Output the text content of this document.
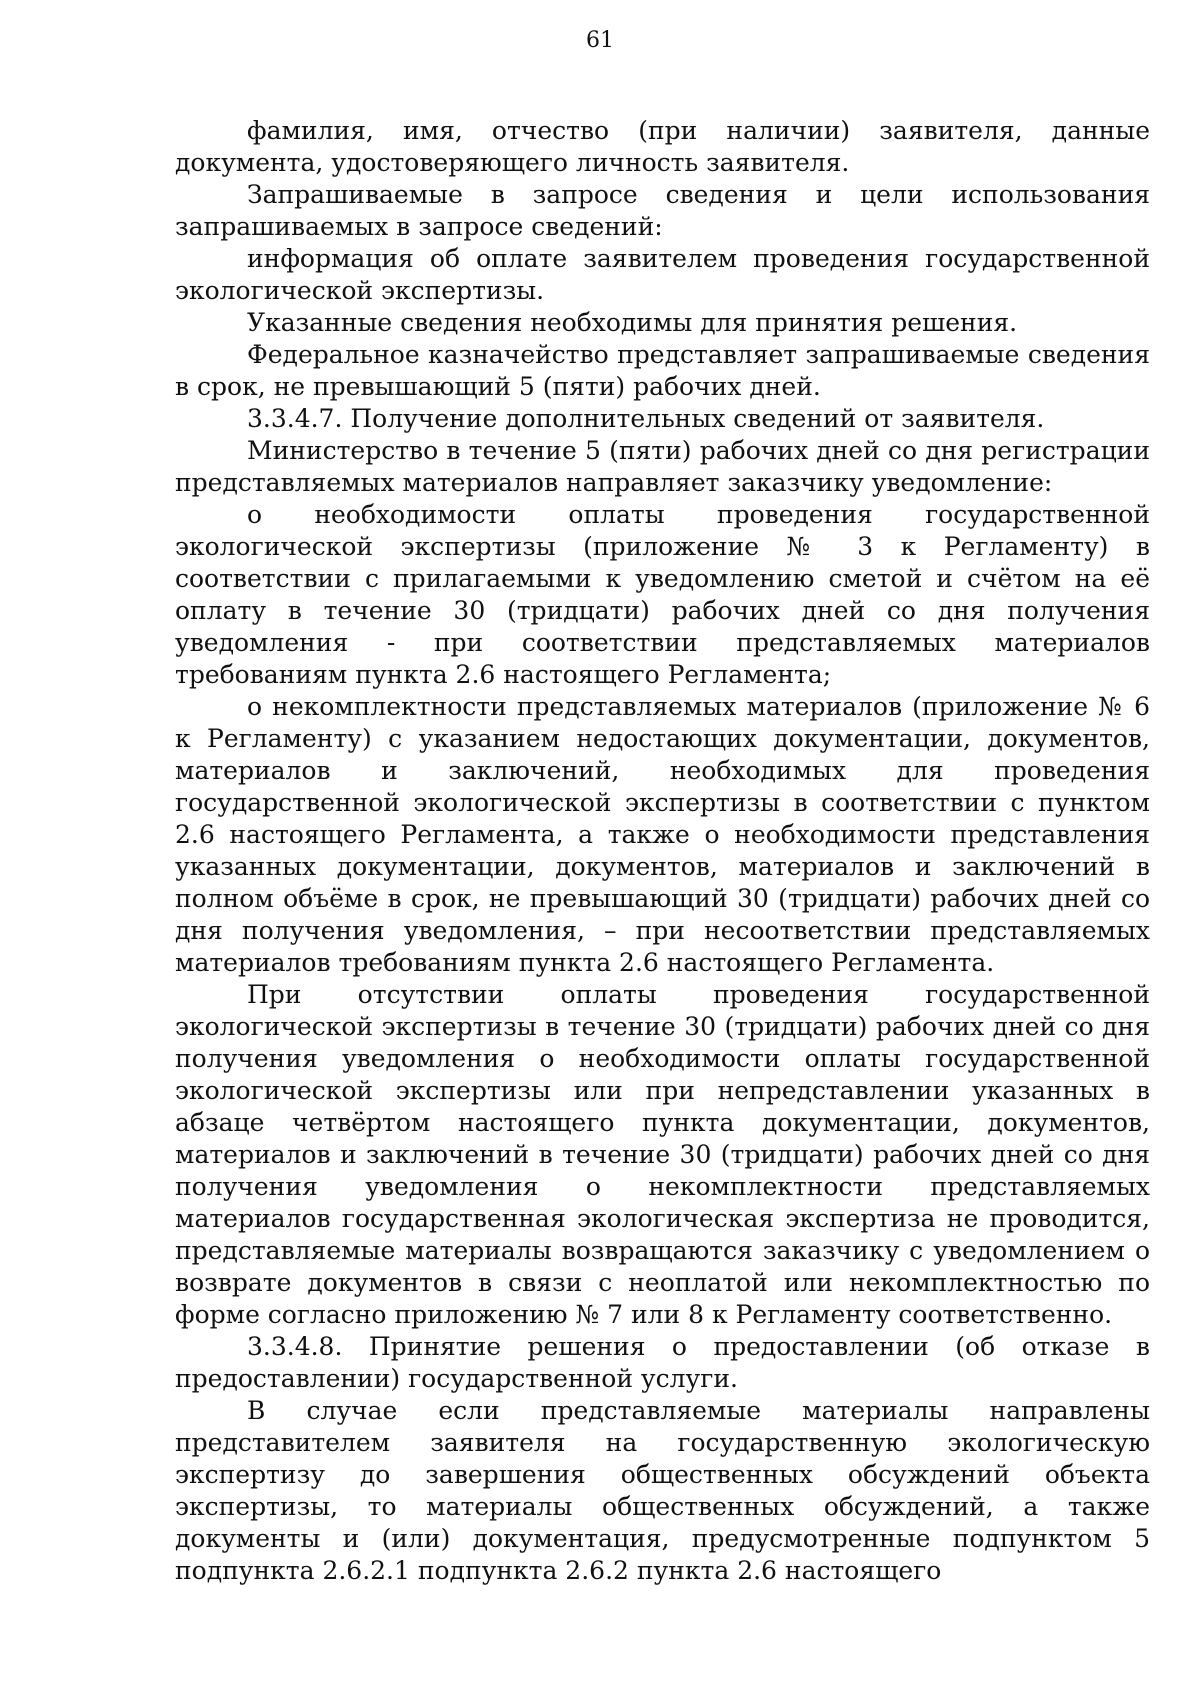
61

фамилия, имя, отчество (при наличии) заявителя, данные документа, удостоверяющего личность заявителя.

Запрашиваемые в запросе сведения и цели использования запрашиваемых в запросе сведений:

информация об оплате заявителем проведения государственной экологической экспертизы.

Указанные сведения необходимы для принятия решения.

Федеральное казначейство представляет запрашиваемые сведения в срок, не превышающий 5 (пяти) рабочих дней.

3.3.4.7. Получение дополнительных сведений от заявителя.

Министерство в течение 5 (пяти) рабочих дней со дня регистрации представляемых материалов направляет заказчику уведомление:

о необходимости оплаты проведения государственной экологической экспертизы (приложение № 3 к Регламенту) в соответствии с прилагаемыми к уведомлению сметой и счётом на её оплату в течение 30 (тридцати) рабочих дней со дня получения уведомления - при соответствии представляемых материалов требованиям пункта 2.6 настоящего Регламента;

о некомплектности представляемых материалов (приложение № 6 к Регламенту) с указанием недостающих документации, документов, материалов и заключений, необходимых для проведения государственной экологической экспертизы в соответствии с пунктом 2.6 настоящего Регламента, а также о необходимости представления указанных документации, документов, материалов и заключений в полном объёме в срок, не превышающий 30 (тридцати) рабочих дней со дня получения уведомления, – при несоответствии представляемых материалов требованиям пункта 2.6 настоящего Регламента.

При отсутствии оплаты проведения государственной экологической экспертизы в течение 30 (тридцати) рабочих дней со дня получения уведомления о необходимости оплаты государственной экологической экспертизы или при непредставлении указанных в абзаце четвёртом настоящего пункта документации, документов, материалов и заключений в течение 30 (тридцати) рабочих дней со дня получения уведомления о некомплектности представляемых материалов государственная экологическая экспертиза не проводится, представляемые материалы возвращаются заказчику с уведомлением о возврате документов в связи с неоплатой или некомплектностью по форме согласно приложению № 7 или 8 к Регламенту соответственно.

3.3.4.8. Принятие решения о предоставлении (об отказе в предоставлении) государственной услуги.

В случае если представляемые материалы направлены представителем заявителя на государственную экологическую экспертизу до завершения общественных обсуждений объекта экспертизы, то материалы общественных обсуждений, а также документы и (или) документация, предусмотренные подпунктом 5 подпункта 2.6.2.1 подпункта 2.6.2 пункта 2.6 настоящего
